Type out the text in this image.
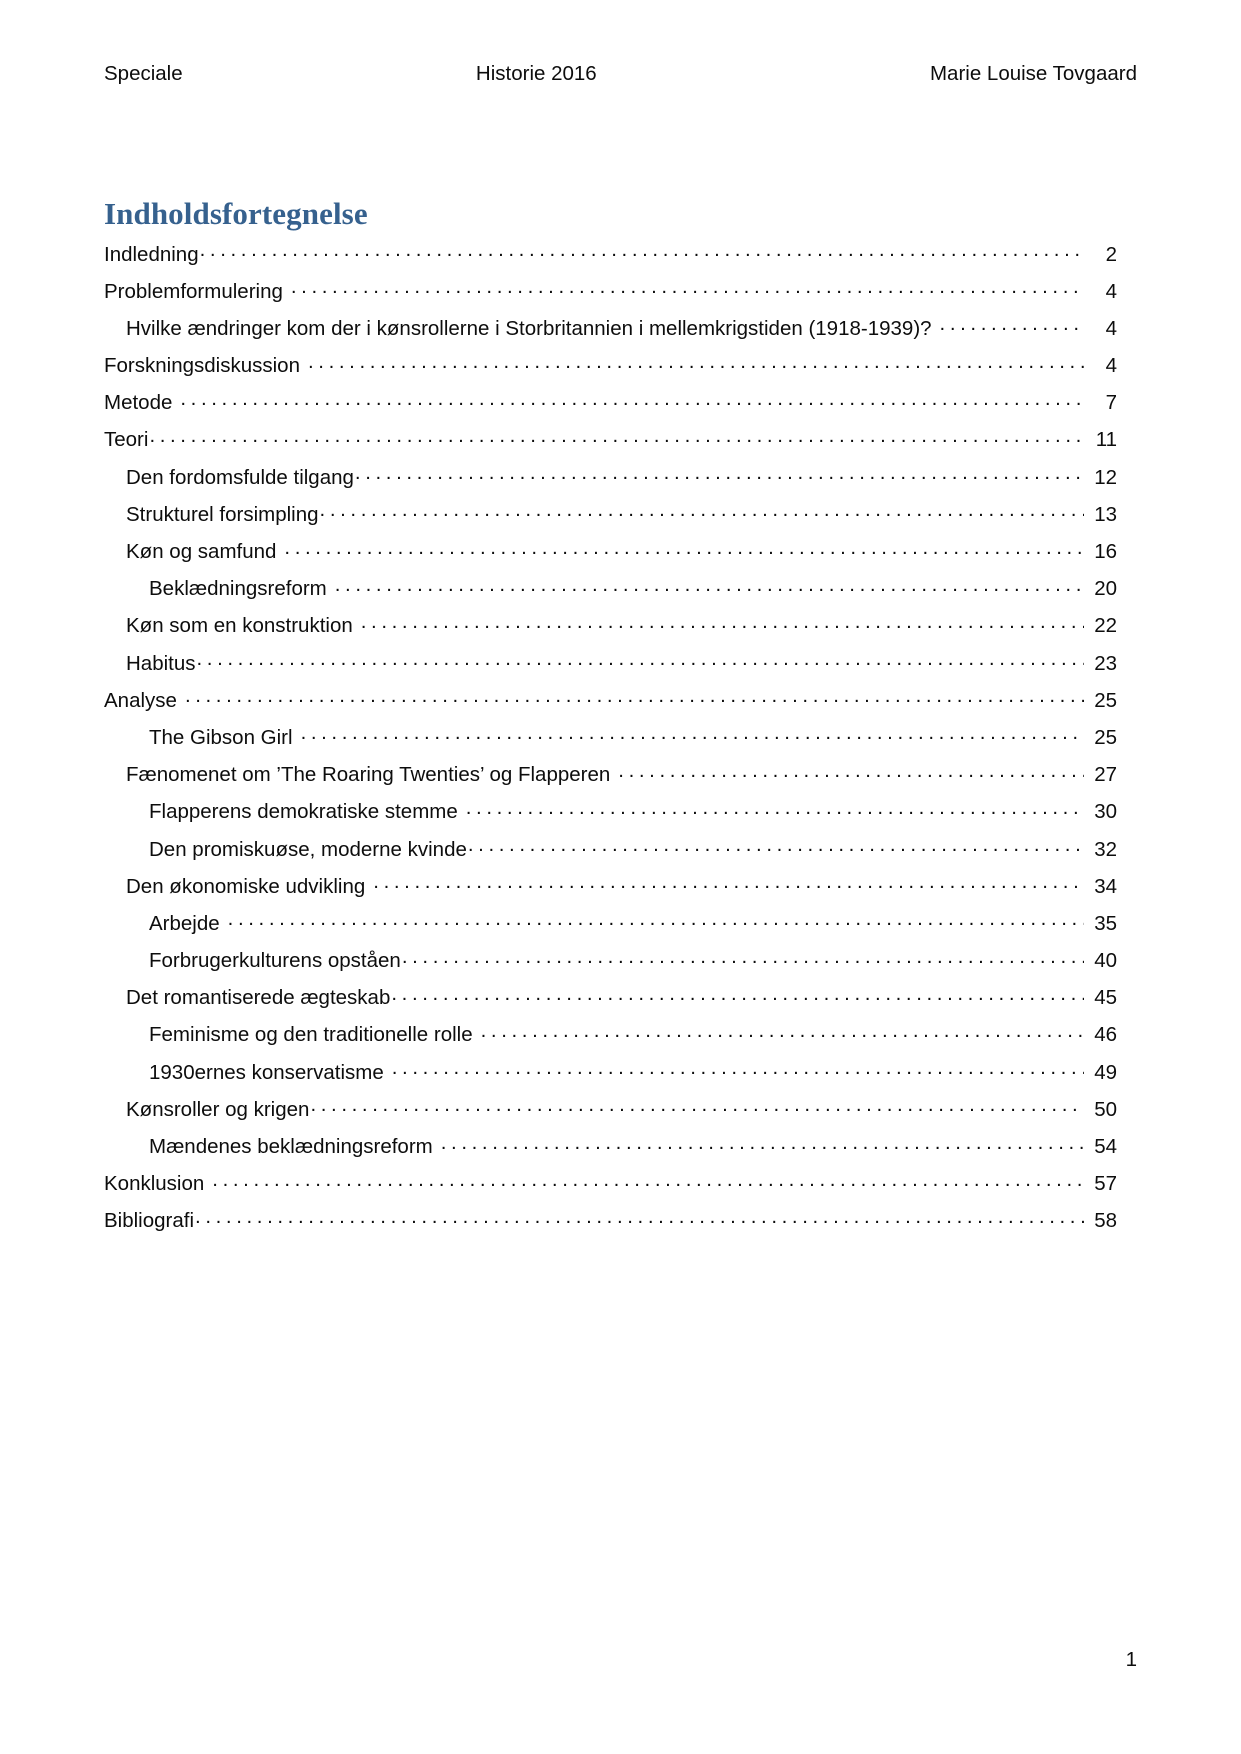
Speciale	Historie 2016	Marie Louise Tovgaard
Indholdsfortegnelse
Indledning . . .	2
Problemformulering . . .	4
Hvilke ændringer kom der i kønsrollerne i Storbritannien i mellemkrigstiden (1918-1939)? . . .	4
Forskningsdiskussion . . .	4
Metode . . .	7
Teori . . .	11
Den fordomsfulde tilgang . . .	12
Strukturel forsimpling . . .	13
Køn og samfund . . .	16
Beklædningsreform . . .	20
Køn som en konstruktion . . .	22
Habitus . . .	23
Analyse . . .	25
The Gibson Girl . . .	25
Fænomenet om ’The Roaring Twenties’ og Flapperen . . .	27
Flapperens demokratiske stemme . . .	30
Den promiskuøse, moderne kvinde . . .	32
Den økonomiske udvikling . . .	34
Arbejde . . .	35
Forbrugerkulturens opståen . . .	40
Det romantiserede ægteskab . . .	45
Feminisme og den traditionelle rolle . . .	46
1930ernes konservatisme . . .	49
Kønsroller og krigen . . .	50
Mændenes beklædningsreform . . .	54
Konklusion . . .	57
Bibliografi . . .	58
1
